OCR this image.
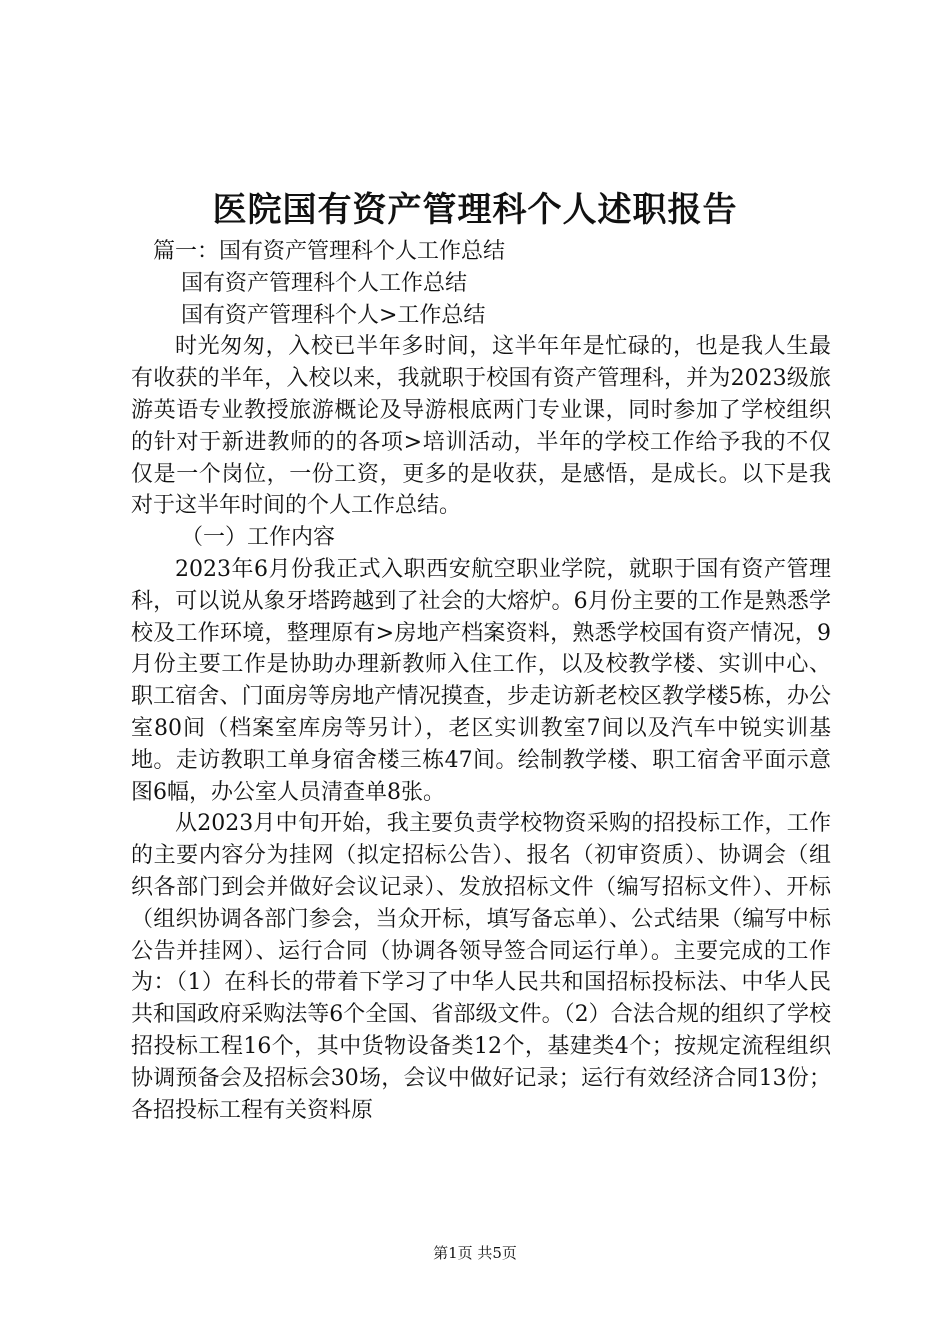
医院国有资产管理科个人述职报告

篇一：国有资产管理科个人工作总结

国有资产管理科个人工作总结

国有资产管理科个人>工作总结

时光匆匆，入校已半年多时间，这半年年是忙碌的，也是我人生最有收获的半年，入校以来，我就职于校国有资产管理科，并为2023级旅游英语专业教授旅游概论及导游根底两门专业课，同时参加了学校组织的针对于新进教师的的各项>培训活动，半年的学校工作给予我的不仅仅是一个岗位，一份工资，更多的是收获，是感悟，是成长。以下是我对于这半年时间的个人工作总结。

（一）工作内容

2023年6月份我正式入职西安航空职业学院，就职于国有资产管理科，可以说从象牙塔跨越到了社会的大熔炉。6月份主要的工作是熟悉学校及工作环境，整理原有>房地产档案资料，熟悉学校国有资产情况，9月份主要工作是协助办理新教师入住工作，以及校教学楼、实训中心、职工宿舍、门面房等房地产情况摸查，步走访新老校区教学楼5栋，办公室80间（档案室库房等另计），老区实训教室7间以及汽车中锐实训基地。走访教职工单身宿舍楼三栋47间。绘制教学楼、职工宿舍平面示意图6幅，办公室人员清查单8张。

从2023月中旬开始，我主要负责学校物资采购的招投标工作，工作的主要内容分为挂网（拟定招标公告）、报名（初审资质）、协调会（组织各部门到会并做好会议记录）、发放招标文件（编写招标文件）、开标（组织协调各部门参会，当众开标，填写备忘单）、公式结果（编写中标公告并挂网）、运行合同（协调各领导签合同运行单）。主要完成的工作为：（1）在科长的带着下学习了中华人民共和国招标投标法、中华人民共和国政府采购法等6个全国、省部级文件。（2）合法合规的组织了学校招投标工程16个，其中货物设备类12个，基建类4个；按规定流程组织协调预备会及招标会30场，会议中做好记录；运行有效经济合同13份；各招投标工程有关资料原

第1页 共5页
